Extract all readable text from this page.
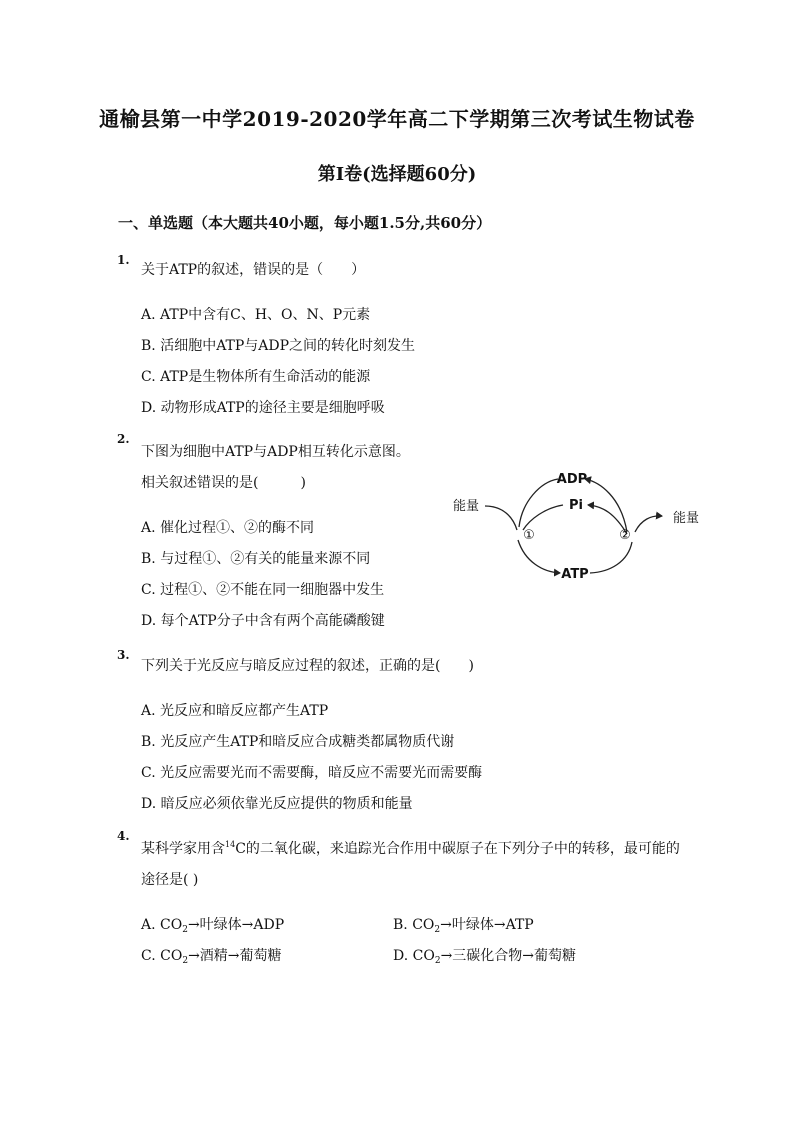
通榆县第一中学2019-2020学年高二下学期第三次考试生物试卷
第Ⅰ卷(选择题60分)
一、单选题（本大题共40小题，每小题1.5分,共60分）
1.
关于ATP的叙述，错误的是（　　）
A. ATP中含有C、H、O、N、P元素
B. 活细胞中ATP与ADP之间的转化时刻发生
C. ATP是生物体所有生命活动的能源
D. 动物形成ATP的途径主要是细胞呼吸
2.
下图为细胞中ATP与ADP相互转化示意图。
相关叙述错误的是(　　　)
A. 催化过程①、②的酶不同
B. 与过程①、②有关的能量来源不同
C. 过程①、②不能在同一细胞器中发生
D. 每个ATP分子中含有两个高能磷酸键
ADP
Pi
ATP
能量
能量
①	②
3.
下列关于光反应与暗反应过程的叙述，正确的是(　　)
A. 光反应和暗反应都产生ATP
B. 光反应产生ATP和暗反应合成糖类都属物质代谢
C. 光反应需要光而不需要酶，暗反应不需要光而需要酶
D. 暗反应必须依靠光反应提供的物质和能量
4.
某科学家用含$^{14}$C的二氧化碳，来追踪光合作用中碳原子在下列分子中的转移，最可能的
途径是( )
A. $CO_2\to$叶绿体→ADP	B. $CO_2\to$叶绿体→ATP
C. $CO_2\to$酒精→葡萄糖	D. $CO_2\to$三碳化合物→葡萄糖
